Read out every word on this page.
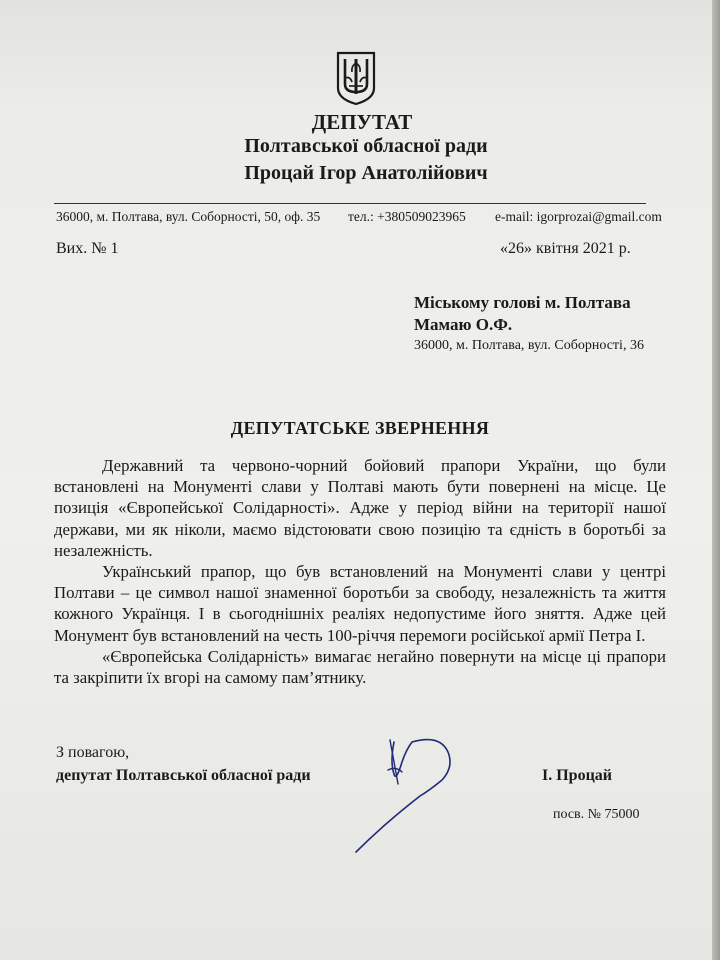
ДЕПУТАТ
Полтавської обласної ради
Процай Ігор Анатолійович
36000, м. Полтава, вул. Соборності, 50, оф. 35 тел.: +380509023965 e-mail: igorprozai@gmail.com
Вих. № 1	«26» квітня 2021 р.
Міському голові м. Полтава
Мамаю О.Ф.
36000, м. Полтава, вул. Соборності, 36
ДЕПУТАТСЬКЕ ЗВЕРНЕННЯ

Державний та червоно-чорний бойовий прапори України, що були встановлені на Монументі слави у Полтаві мають бути повернені на місце. Це позиція «Європейської Солідарності». Адже у період війни на території нашої держави, ми як ніколи, маємо відстоювати свою позицію та єдність в боротьбі за незалежність.

Український прапор, що був встановлений на Монументі слави у центрі Полтави – це символ нашої знаменної боротьби за свободу, незалежність та життя кожного Українця. І в сьогоднішніх реаліях недопустиме його зняття. Адже цей Монумент був встановлений на честь 100-річчя перемоги російської армії Петра І.

«Європейська Солідарність» вимагає негайно повернути на місце ці прапори та закріпити їх вгорі на самому пам’ятнику.

З повагою,
депутат Полтавської обласної ради	І. Процай
посв. № 75000
